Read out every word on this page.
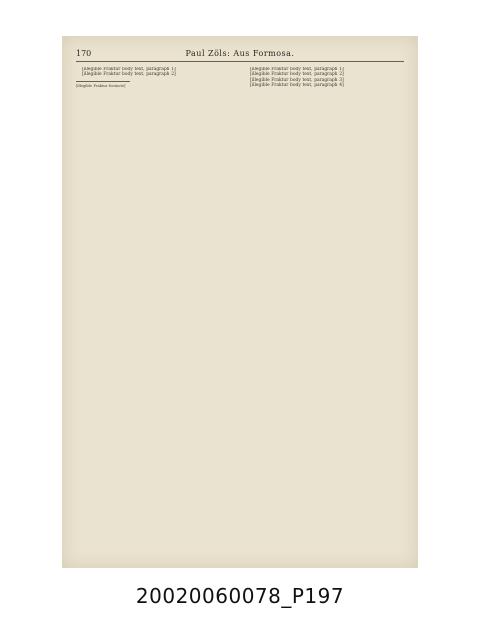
170	Paul Zöls: Aus Formosa.

[illegible Fraktur body text, paragraph 1]

[illegible Fraktur body text, paragraph 2]

[illegible Fraktur footnote]

[illegible Fraktur body text, paragraph 1]

[illegible Fraktur body text, paragraph 2]

[illegible Fraktur body text, paragraph 3]

[illegible Fraktur body text, paragraph 4]

20020060078_P197
